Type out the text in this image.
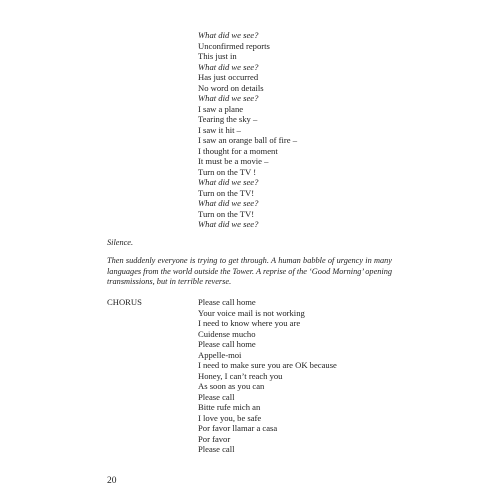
What did we see?
Unconfirmed reports
This just in
What did we see?
Has just occurred
No word on details
What did we see?
I saw a plane
Tearing the sky –
I saw it hit –
I saw an orange ball of fire –
I thought for a moment
It must be a movie –
Turn on the TV !
What did we see?
Turn on the TV!
What did we see?
Turn on the TV!
What did we see?
Silence.
Then suddenly everyone is trying to get through. A human babble of urgency in many languages from the world outside the Tower. A reprise of the ‘Good Morning’ opening transmissions, but in terrible reverse.
CHORUS	Please call home
Your voice mail is not working
I need to know where you are
Cuidense mucho
Please call home
Appelle-moi
I need to make sure you are OK because
Honey, I can’t reach you
As soon as you can
Please call
Bitte rufe mich an
I love you, be safe
Por favor llamar a casa
Por favor
Please call
20
